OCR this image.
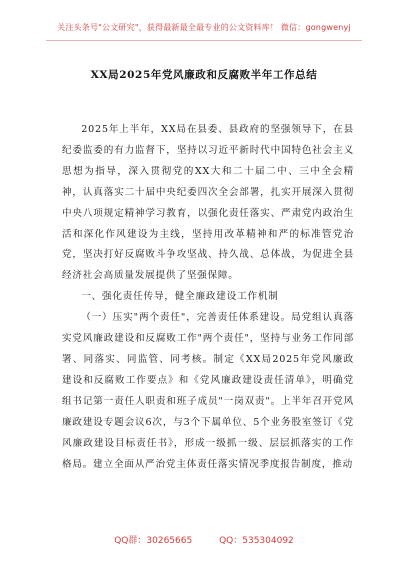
关注头条号"公文研究"，获得最新最全最专业的公文资料库！ 微信：gongwenyj
XX局2025年党风廉政和反腐败半年工作总结

2025年上半年，XX局在县委、县政府的坚强领导下，在县纪委监委的有力监督下，坚持以习近平新时代中国特色社会主义思想为指导，深入贯彻党的XX大和二十届二中、三中全会精神，认真落实二十届中央纪委四次全会部署，扎实开展深入贯彻中央八项规定精神学习教育，以强化责任落实、严肃党内政治生活和深化作风建设为主线，坚持用改革精神和严的标准管党治党，坚决打好反腐败斗争攻坚战、持久战、总体战，为促进全县经济社会高质量发展提供了坚强保障。

一、强化责任传导，健全廉政建设工作机制

（一）压实"两个责任"，完善责任体系建设。局党组认真落实党风廉政建设和反腐败工作"两个责任"，坚持与业务工作同部署、同落实、同监管、同考核。制定《XX局2025年党风廉政建设和反腐败工作要点》和《党风廉政建设责任清单》，明确党组书记第一责任人职责和班子成员"一岗双责"。上半年召开党风廉政建设专题会议6次，与3个下属单位、5个业务股室签订《党风廉政建设目标责任书》，形成一级抓一级、层层抓落实的工作格局。建立全面从严治党主体责任落实情况季度报告制度，推动

QQ群：30265665	QQ：535304092
